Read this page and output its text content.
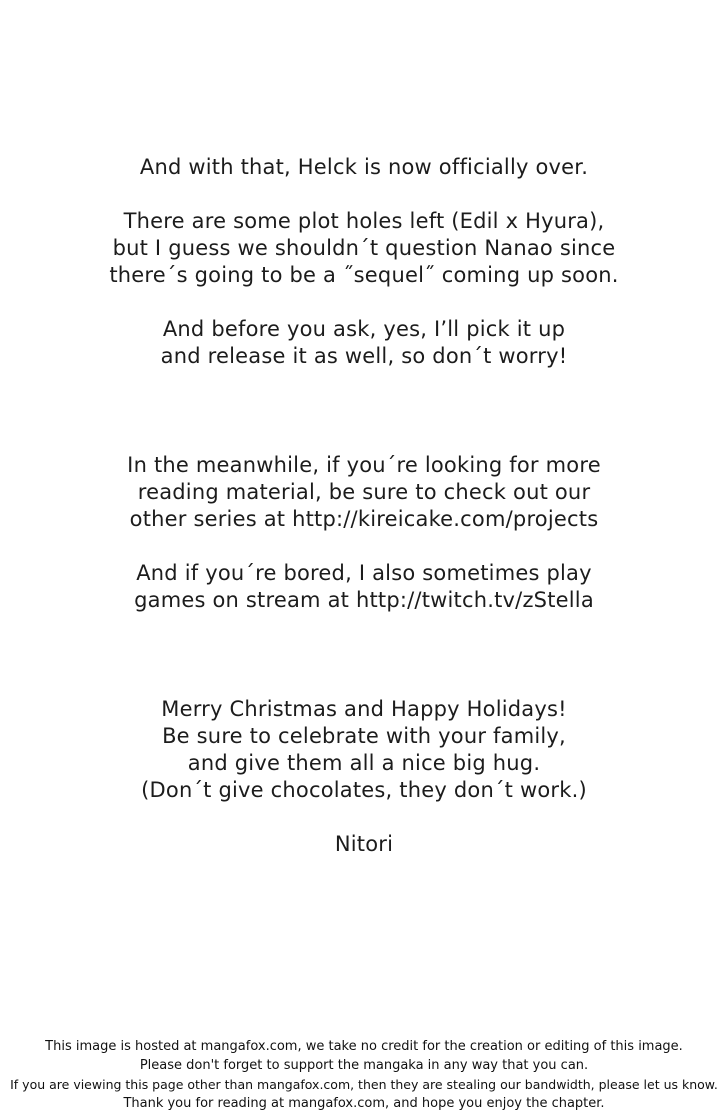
And with that, Helck is now officially over.
There are some plot holes left (Edil x Hyura),
but I guess we shouldn´t question Nanao since
there´s going to be a ˝sequel˝ coming up soon.
And before you ask, yes, I’ll pick it up
and release it as well, so don´t worry!
In the meanwhile, if you´re looking for more
reading material, be sure to check out our
other series at http://kireicake.com/projects
And if you´re bored, I also sometimes play
games on stream at http://twitch.tv/zStella
Merry Christmas and Happy Holidays!
Be sure to celebrate with your family,
and give them all a nice big hug.
(Don´t give chocolates, they don´t work.)
Nitori
This image is hosted at mangafox.com, we take no credit for the creation or editing of this image.
Please don't forget to support the mangaka in any way that you can.
If you are viewing this page other than mangafox.com, then they are stealing our bandwidth, please let us know.
Thank you for reading at mangafox.com, and hope you enjoy the chapter.
